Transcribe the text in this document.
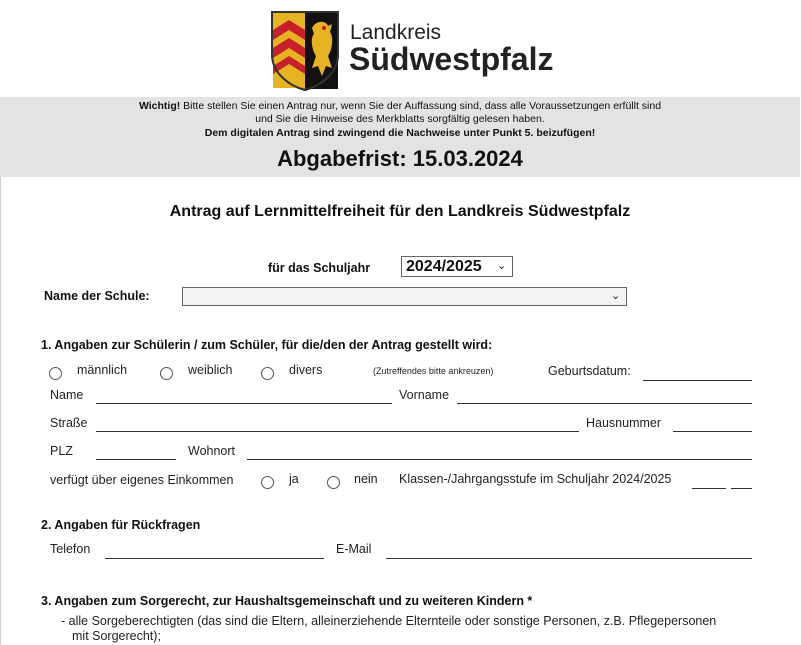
Landkreis
Südwestpfalz
Wichtig! Bitte stellen Sie einen Antrag nur, wenn Sie der Auffassung sind, dass alle Voraussetzungen erfüllt sind
und Sie die Hinweise des Merkblatts sorgfältig gelesen haben.
Dem digitalen Antrag sind zwingend die Nachweise unter Punkt 5. beizufügen!
Abgabefrist: 15.03.2024
Antrag auf Lernmittelfreiheit für den Landkreis Südwestpfalz
für das Schuljahr 2024/2025 ⌄
Name der Schule:	⌄
1. Angaben zur Schülerin / zum Schüler, für die/den der Antrag gestellt wird:
männlich	weiblich	divers	(Zutreffendes bitte ankreuzen)	Geburtsdatum:
Name	Vorname
Straße	Hausnummer
PLZ	Wohnort
verfügt über eigenes Einkommen	ja	nein Klassen-/Jahrgangsstufe im Schuljahr 2024/2025
2. Angaben für Rückfragen
Telefon	E-Mail
3. Angaben zum Sorgerecht, zur Haushaltsgemeinschaft und zu weiteren Kindern *
- alle Sorgeberechtigten (das sind die Eltern, alleinerziehende Elternteile oder sonstige Personen, z.B. Pflegepersonen
mit Sorgerecht);
